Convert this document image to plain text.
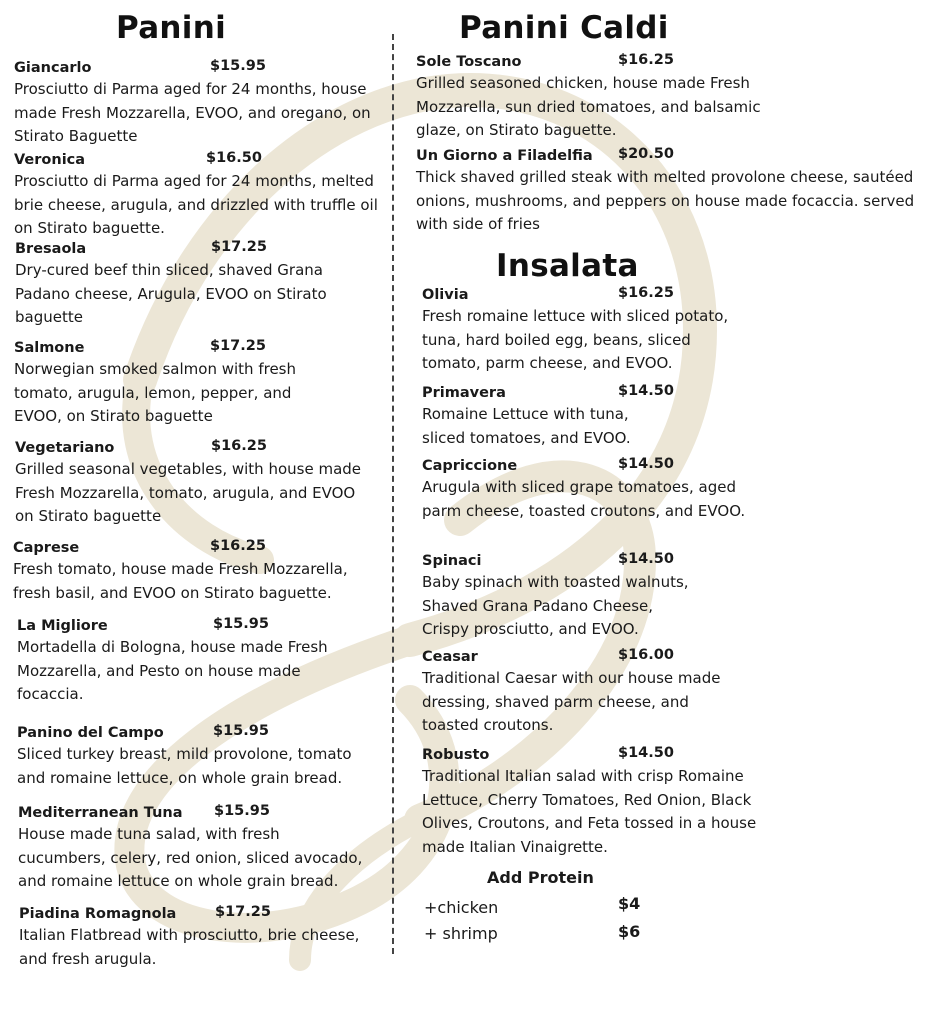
Panini
Giancarlo	$15.95
Prosciutto di Parma aged for 24 months, house made Fresh Mozzarella, EVOO, and oregano, on Stirato Baguette
Veronica	$16.50
Prosciutto di Parma aged for 24 months, melted brie cheese, arugula, and drizzled with truffle oil on Stirato baguette.
Bresaola	$17.25
Dry-cured beef thin sliced, shaved Grana Padano cheese, Arugula, EVOO on Stirato baguette
Salmone	$17.25
Norwegian smoked salmon with fresh tomato, arugula, lemon, pepper, and EVOO, on Stirato baguette
Vegetariano	$16.25
Grilled seasonal vegetables, with house made Fresh Mozzarella, tomato, arugula, and EVOO on Stirato baguette
Caprese	$16.25
Fresh tomato, house made Fresh Mozzarella, fresh basil, and EVOO on Stirato baguette.
La Migliore	$15.95
Mortadella di Bologna, house made Fresh Mozzarella, and Pesto on house made focaccia.
Panino del Campo	$15.95
Sliced turkey breast, mild provolone, tomato and romaine lettuce, on whole grain bread.
Mediterranean Tuna $15.95
House made tuna salad, with fresh cucumbers, celery, red onion, sliced avocado, and romaine lettuce on whole grain bread.
Piadina Romagnola	$17.25
Italian Flatbread with prosciutto, brie cheese, and fresh arugula.
Panini Caldi
Sole Toscano	$16.25
Grilled seasoned chicken, house made Fresh Mozzarella, sun dried tomatoes, and balsamic glaze, on Stirato baguette.
Un Giorno a Filadelfia $20.50
Thick shaved grilled steak with melted provolone cheese, sautéed onions, mushrooms, and peppers on house made focaccia. served with side of fries
Insalata
Olivia	$16.25
Fresh romaine lettuce with sliced potato, tuna, hard boiled egg, beans, sliced tomato, parm cheese, and EVOO.
Primavera	$14.50
Romaine Lettuce with tuna, sliced tomatoes, and EVOO.
Capriccione	$14.50
Arugula with sliced grape tomatoes, aged parm cheese, toasted croutons, and EVOO.
Spinaci	$14.50
Baby spinach with toasted walnuts, Shaved Grana Padano Cheese, Crispy prosciutto, and EVOO.
Ceasar	$16.00
Traditional Caesar with our house made dressing, shaved parm cheese, and toasted croutons.
Robusto	$14.50
Traditional Italian salad with crisp Romaine Lettuce, Cherry Tomatoes, Red Onion, Black Olives, Croutons, and Feta tossed in a house made Italian Vinaigrette.
Add Protein
+chicken	$4
+ shrimp	$6
